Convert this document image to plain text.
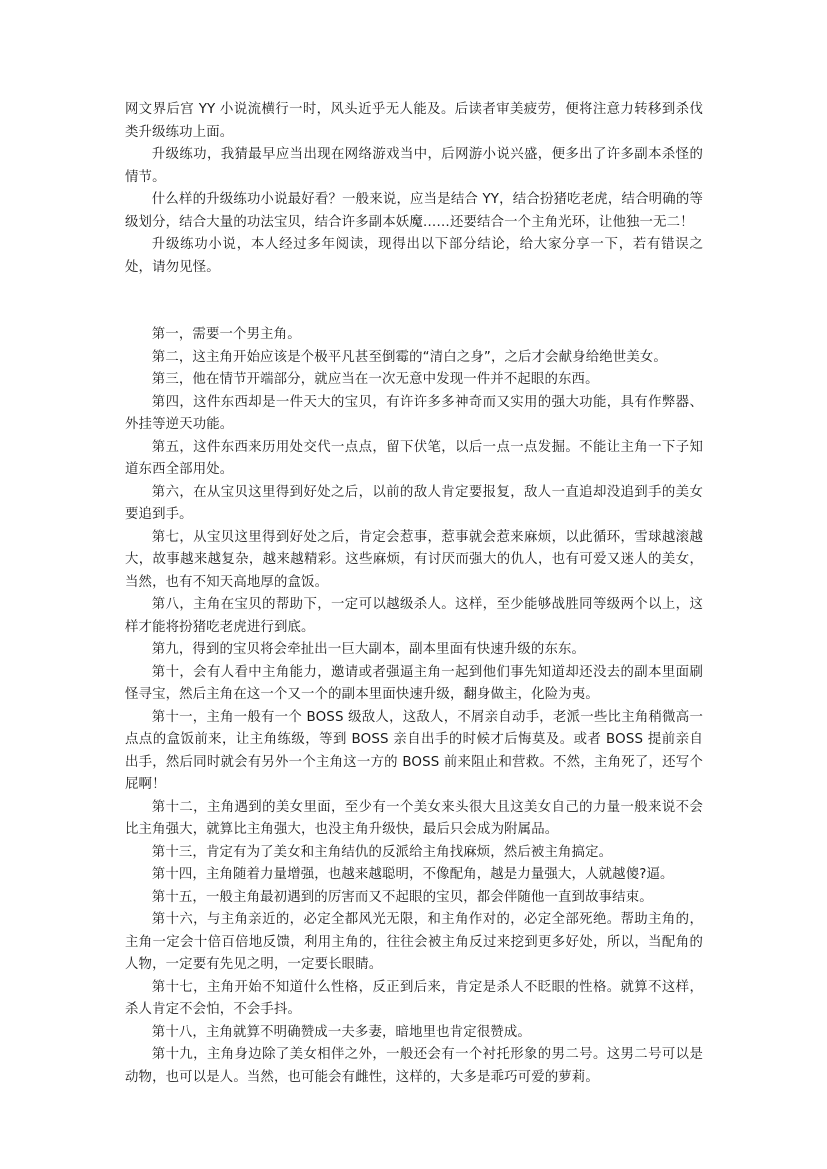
网文界后宫 YY 小说流横行一时，风头近乎无人能及。后读者审美疲劳，便将注意力转移到杀伐类升级练功上面。

升级练功，我猜最早应当出现在网络游戏当中，后网游小说兴盛，便多出了许多副本杀怪的情节。

什么样的升级练功小说最好看？一般来说，应当是结合 YY，结合扮猪吃老虎，结合明确的等级划分，结合大量的功法宝贝，结合许多副本妖魔……还要结合一个主角光环，让他独一无二！

升级练功小说，本人经过多年阅读，现得出以下部分结论，给大家分享一下，若有错误之处，请勿见怪。

第一，需要一个男主角。

第二，这主角开始应该是个极平凡甚至倒霉的“清白之身”，之后才会献身给绝世美女。

第三，他在情节开端部分，就应当在一次无意中发现一件并不起眼的东西。

第四，这件东西却是一件天大的宝贝，有许许多多神奇而又实用的强大功能，具有作弊器、外挂等逆天功能。

第五，这件东西来历用处交代一点点，留下伏笔，以后一点一点发掘。不能让主角一下子知道东西全部用处。

第六，在从宝贝这里得到好处之后，以前的敌人肯定要报复，敌人一直追却没追到手的美女要追到手。

第七，从宝贝这里得到好处之后，肯定会惹事，惹事就会惹来麻烦，以此循环，雪球越滚越大，故事越来越复杂，越来越精彩。这些麻烦，有讨厌而强大的仇人，也有可爱又迷人的美女，当然，也有不知天高地厚的盒饭。

第八，主角在宝贝的帮助下，一定可以越级杀人。这样，至少能够战胜同等级两个以上，这样才能将扮猪吃老虎进行到底。

第九，得到的宝贝将会牵扯出一巨大副本，副本里面有快速升级的东东。

第十，会有人看中主角能力，邀请或者强逼主角一起到他们事先知道却还没去的副本里面刷怪寻宝，然后主角在这一个又一个的副本里面快速升级，翻身做主，化险为夷。

第十一，主角一般有一个 BOSS 级敌人，这敌人，不屑亲自动手，老派一些比主角稍微高一点点的盒饭前来，让主角练级，等到 BOSS 亲自出手的时候才后悔莫及。或者 BOSS 提前亲自出手，然后同时就会有另外一个主角这一方的 BOSS 前来阻止和营救。不然，主角死了，还写个屁啊！

第十二，主角遇到的美女里面，至少有一个美女来头很大且这美女自己的力量一般来说不会比主角强大，就算比主角强大，也没主角升级快，最后只会成为附属品。

第十三，肯定有为了美女和主角结仇的反派给主角找麻烦，然后被主角搞定。

第十四，主角随着力量增强，也越来越聪明，不像配角，越是力量强大，人就越傻?逼。

第十五，一般主角最初遇到的厉害而又不起眼的宝贝，都会伴随他一直到故事结束。

第十六，与主角亲近的，必定全都风光无限，和主角作对的，必定全部死绝。帮助主角的，主角一定会十倍百倍地反馈，利用主角的，往往会被主角反过来挖到更多好处，所以，当配角的人物，一定要有先见之明，一定要长眼睛。

第十七，主角开始不知道什么性格，反正到后来，肯定是杀人不眨眼的性格。就算不这样，杀人肯定不会怕，不会手抖。

第十八，主角就算不明确赞成一夫多妻，暗地里也肯定很赞成。

第十九，主角身边除了美女相伴之外，一般还会有一个衬托形象的男二号。这男二号可以是动物，也可以是人。当然，也可能会有雌性，这样的，大多是乖巧可爱的萝莉。
